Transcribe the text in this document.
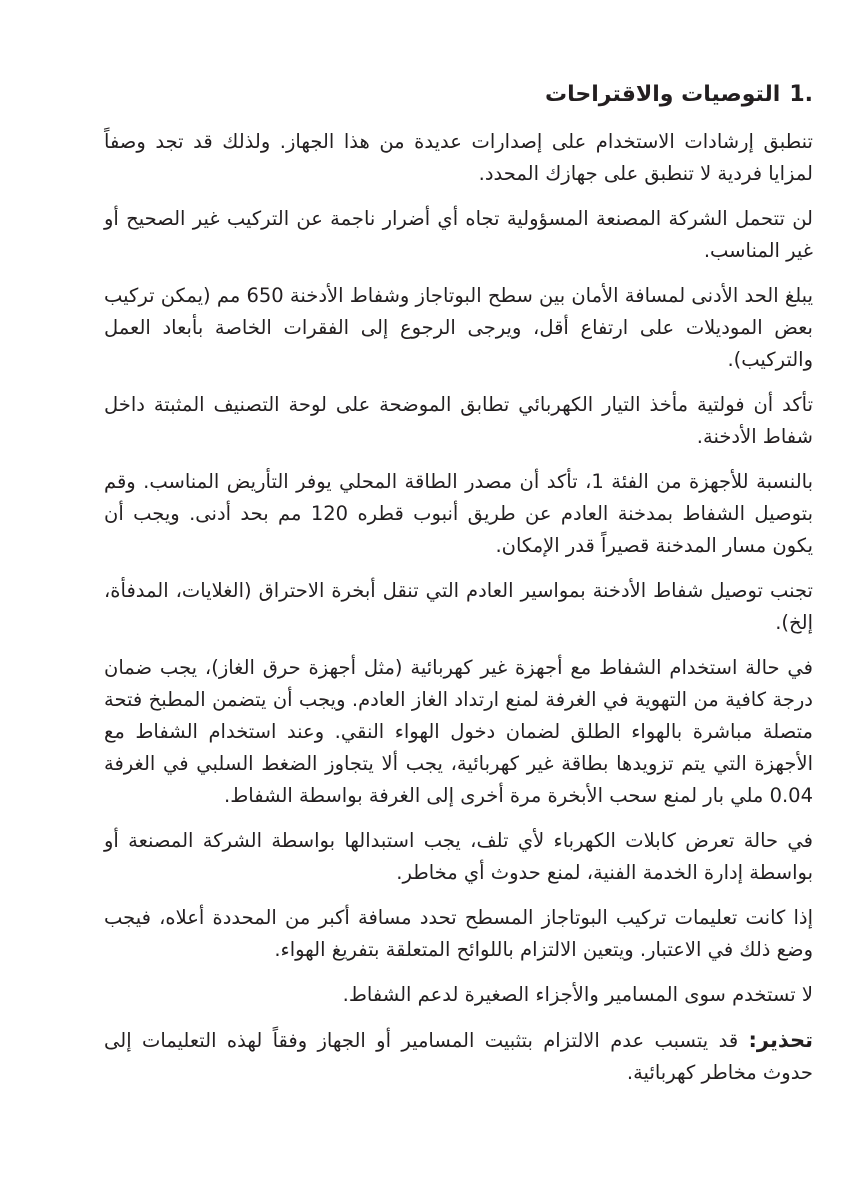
1.
التوصيات والاقتراحات

تنطبق إرشادات الاستخدام على إصدارات عديدة من هذا الجهاز. ولذلك قد تجد وصفاً لمزايا فردية لا تنطبق على جهازك المحدد.

لن تتحمل الشركة المصنعة المسؤولية تجاه أي أضرار ناجمة عن التركيب غير الصحيح أو غير المناسب.

يبلغ الحد الأدنى لمسافة الأمان بين سطح البوتاجاز وشفاط الأدخنة 650 مم (يمكن تركيب بعض الموديلات على ارتفاع أقل، ويرجى الرجوع إلى الفقرات الخاصة بأبعاد العمل والتركيب).

تأكد أن فولتية مأخذ التيار الكهربائي تطابق الموضحة على لوحة التصنيف المثبتة داخل شفاط الأدخنة.

بالنسبة للأجهزة من الفئة 1، تأكد أن مصدر الطاقة المحلي يوفر التأريض المناسب. وقم بتوصيل الشفاط بمدخنة العادم عن طريق أنبوب قطره 120 مم بحد أدنى. ويجب أن يكون مسار المدخنة قصيراً قدر الإمكان.

تجنب توصيل شفاط الأدخنة بمواسير العادم التي تنقل أبخرة الاحتراق (الغلايات، المدفأة، إلخ).

في حالة استخدام الشفاط مع أجهزة غير كهربائية (مثل أجهزة حرق الغاز)، يجب ضمان درجة كافية من التهوية في الغرفة لمنع ارتداد الغاز العادم. ويجب أن يتضمن المطبخ فتحة متصلة مباشرة بالهواء الطلق لضمان دخول الهواء النقي. وعند استخدام الشفاط مع الأجهزة التي يتم تزويدها بطاقة غير كهربائية، يجب ألا يتجاوز الضغط السلبي في الغرفة 0.04 ملي بار لمنع سحب الأبخرة مرة أخرى إلى الغرفة بواسطة الشفاط.

في حالة تعرض كابلات الكهرباء لأي تلف، يجب استبدالها بواسطة الشركة المصنعة أو بواسطة إدارة الخدمة الفنية، لمنع حدوث أي مخاطر.

إذا كانت تعليمات تركيب البوتاجاز المسطح تحدد مسافة أكبر من المحددة أعلاه، فيجب وضع ذلك في الاعتبار. ويتعين الالتزام باللوائح المتعلقة بتفريغ الهواء.

لا تستخدم سوى المسامير والأجزاء الصغيرة لدعم الشفاط.

تحذير: قد يتسبب عدم الالتزام بتثبيت المسامير أو الجهاز وفقاً لهذه التعليمات إلى حدوث مخاطر كهربائية.
